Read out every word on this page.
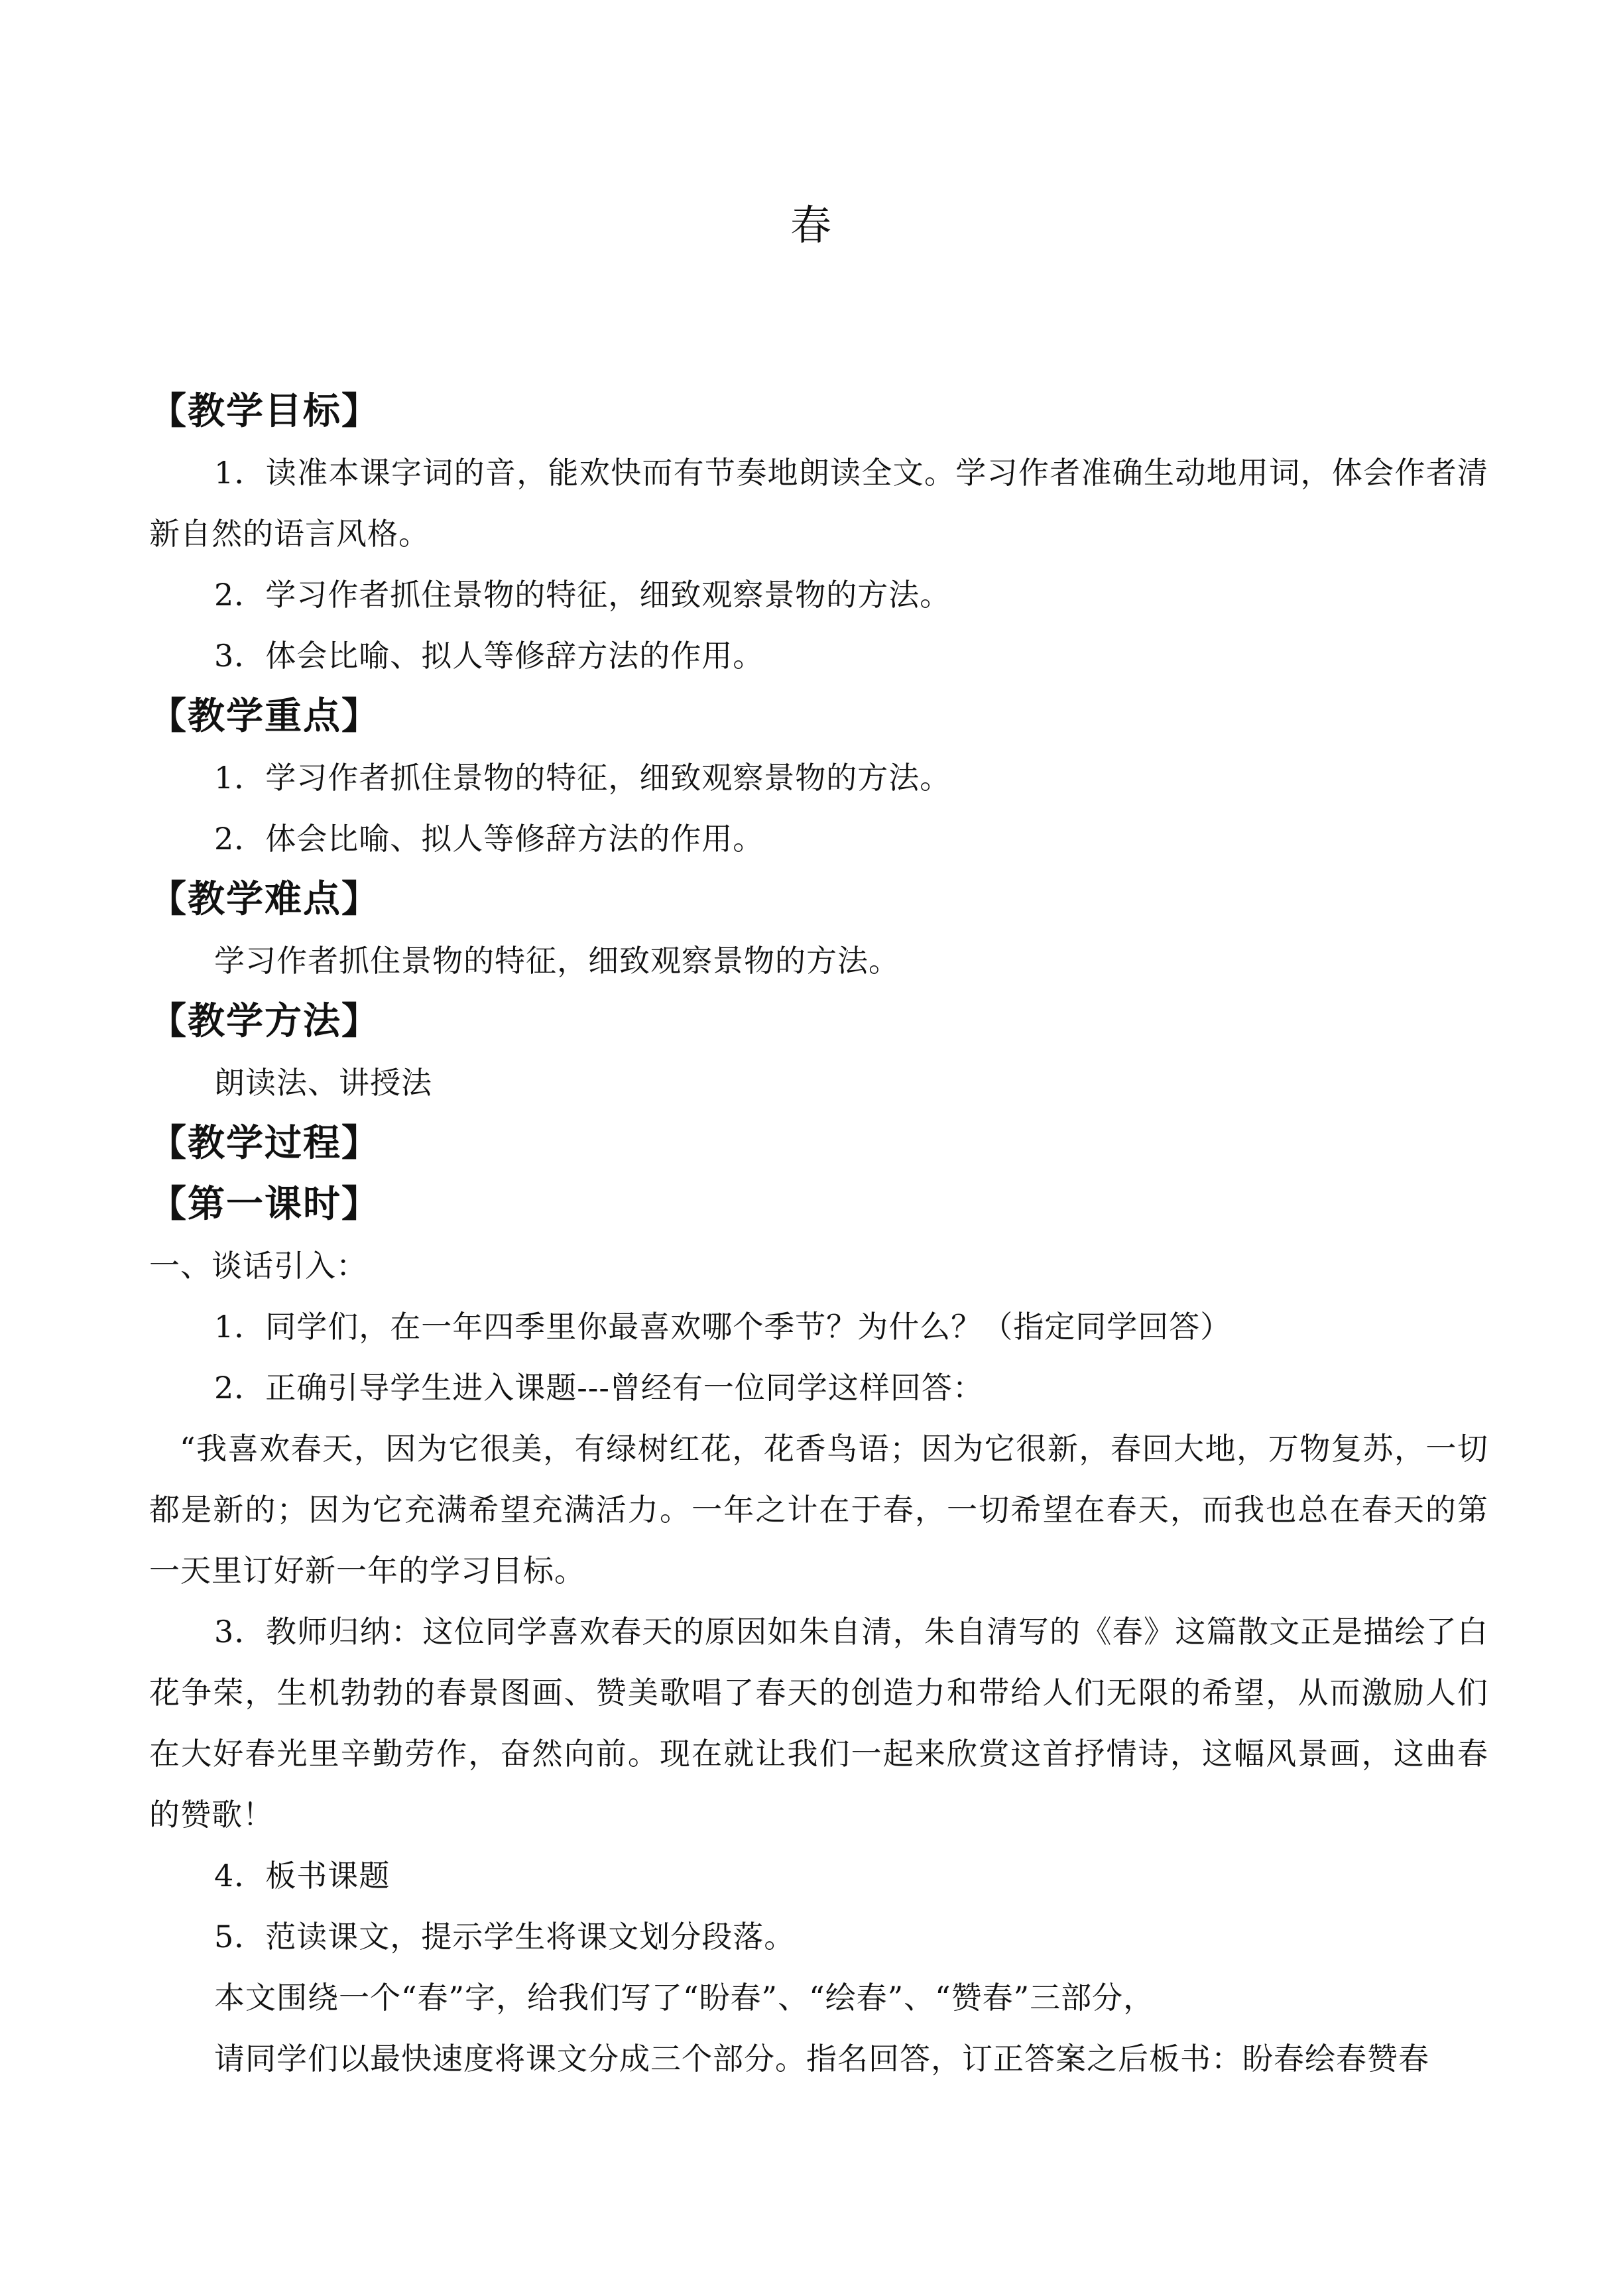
春
【教学目标】

1．读准本课字词的音，能欢快而有节奏地朗读全文。学习作者准确生动地用词，体会作者清新自然的语言风格。

2．学习作者抓住景物的特征，细致观察景物的方法。

3．体会比喻、拟人等修辞方法的作用。

【教学重点】

1．学习作者抓住景物的特征，细致观察景物的方法。

2．体会比喻、拟人等修辞方法的作用。

【教学难点】

学习作者抓住景物的特征，细致观察景物的方法。

【教学方法】

朗读法、讲授法

【教学过程】
【第一课时】

一、谈话引入：

1．同学们，在一年四季里你最喜欢哪个季节？为什么？（指定同学回答）

2．正确引导学生进入课题---曾经有一位同学这样回答：

“我喜欢春天，因为它很美，有绿树红花，花香鸟语；因为它很新，春回大地，万物复苏，一切都是新的；因为它充满希望充满活力。一年之计在于春，一切希望在春天，而我也总在春天的第一天里订好新一年的学习目标。

3．教师归纳：这位同学喜欢春天的原因如朱自清，朱自清写的《春》这篇散文正是描绘了白花争荣，生机勃勃的春景图画、赞美歌唱了春天的创造力和带给人们无限的希望，从而激励人们在大好春光里辛勤劳作，奋然向前。现在就让我们一起来欣赏这首抒情诗，这幅风景画，这曲春的赞歌！

4．板书课题

5．范读课文，提示学生将课文划分段落。

本文围绕一个“春”字，给我们写了“盼春”、“绘春”、“赞春”三部分，

请同学们以最快速度将课文分成三个部分。指名回答，订正答案之后板书：盼春绘春赞春
